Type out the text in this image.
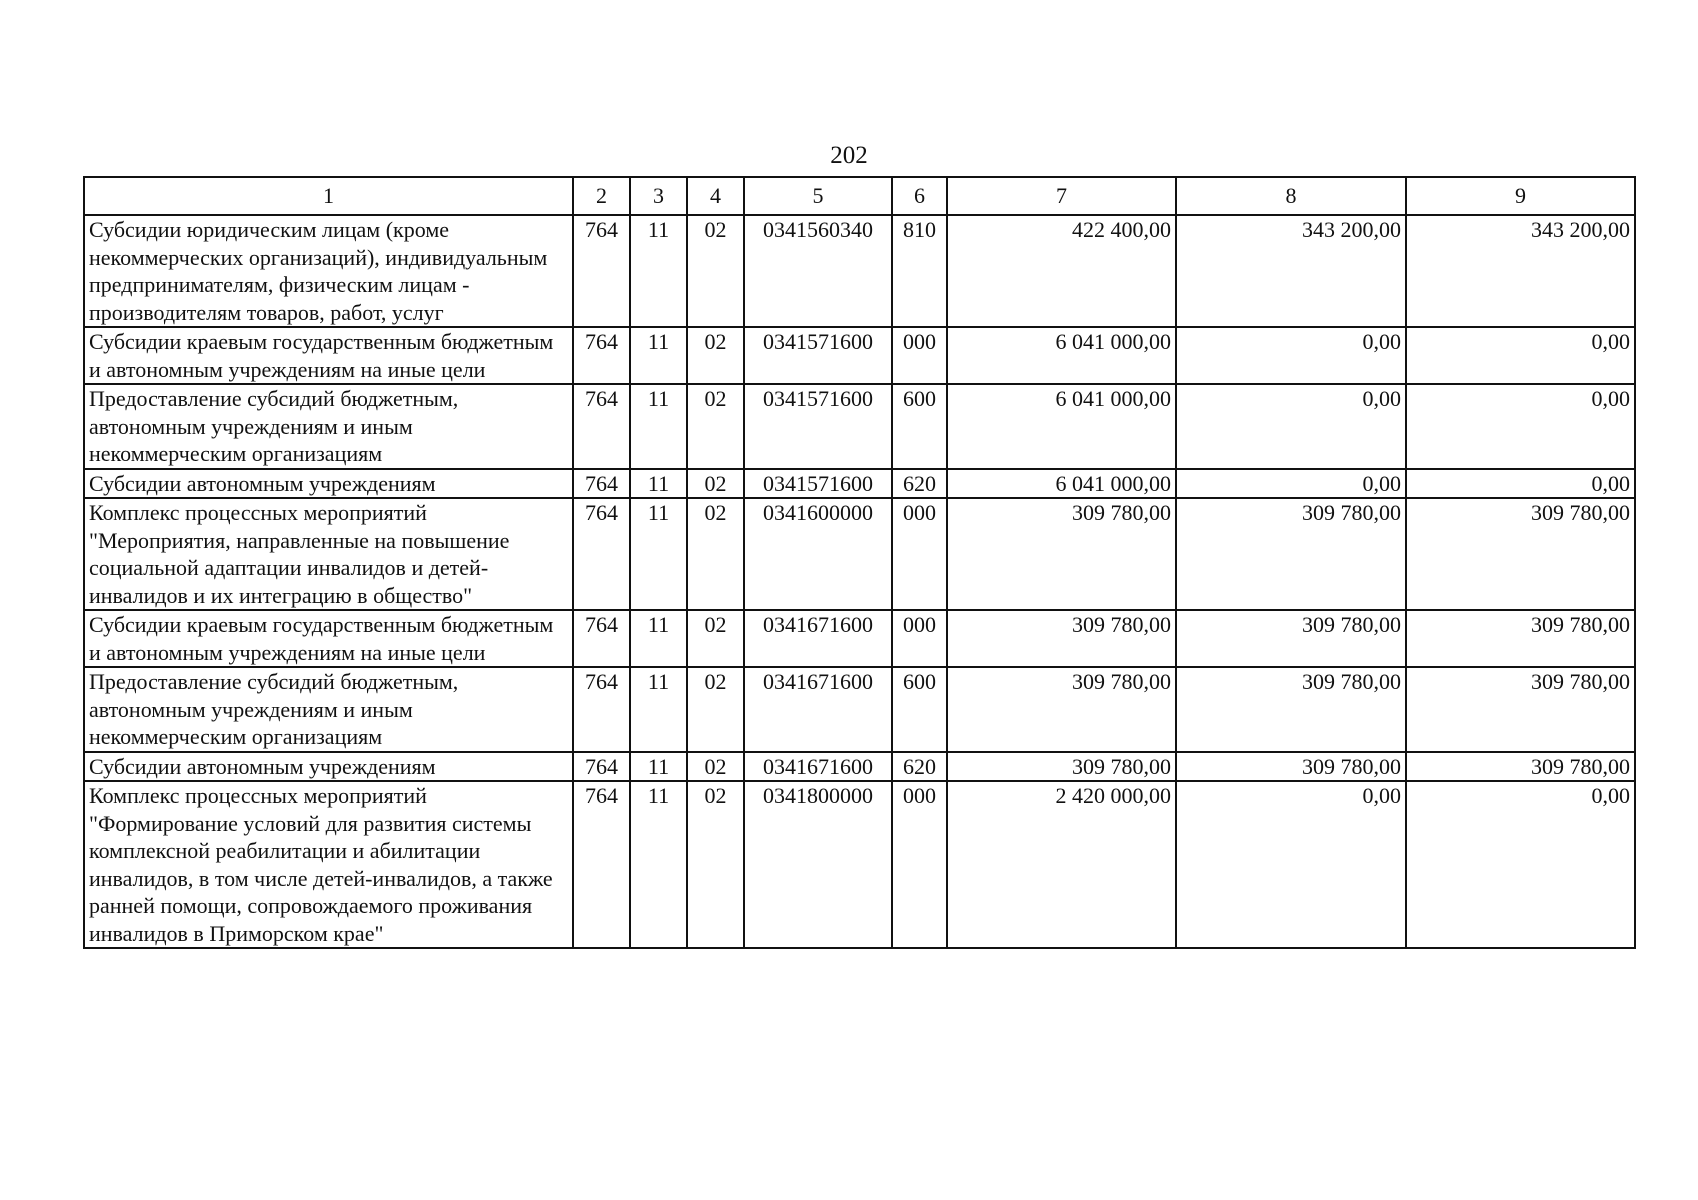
202
1	2	3	4	5	6	7	8	9
Субсидии юридическим лицам (кроме некоммерческих организаций), индивидуальным предпринимателям, физическим лицам - производителям товаров, работ, услуг	764	11	02	0341560340	810	422 400,00	343 200,00	343 200,00
Субсидии краевым государственным бюджетным и автономным учреждениям на иные цели	764	11	02	0341571600	000	6 041 000,00	0,00	0,00
Предоставление субсидий бюджетным, автономным учреждениям и иным некоммерческим организациям	764	11	02	0341571600	600	6 041 000,00	0,00	0,00
Субсидии автономным учреждениям	764	11	02	0341571600	620	6 041 000,00	0,00	0,00
Комплекс процессных мероприятий "Мероприятия, направленные на повышение социальной адаптации инвалидов и детей-инвалидов и их интеграцию в общество"	764	11	02	0341600000	000	309 780,00	309 780,00	309 780,00
Субсидии краевым государственным бюджетным и автономным учреждениям на иные цели	764	11	02	0341671600	000	309 780,00	309 780,00	309 780,00
Предоставление субсидий бюджетным, автономным учреждениям и иным некоммерческим организациям	764	11	02	0341671600	600	309 780,00	309 780,00	309 780,00
Субсидии автономным учреждениям	764	11	02	0341671600	620	309 780,00	309 780,00	309 780,00
Комплекс процессных мероприятий "Формирование условий для развития системы комплексной реабилитации и абилитации инвалидов, в том числе детей-инвалидов, а также ранней помощи, сопровождаемого проживания инвалидов в Приморском крае"	764	11	02	0341800000	000	2 420 000,00	0,00	0,00
